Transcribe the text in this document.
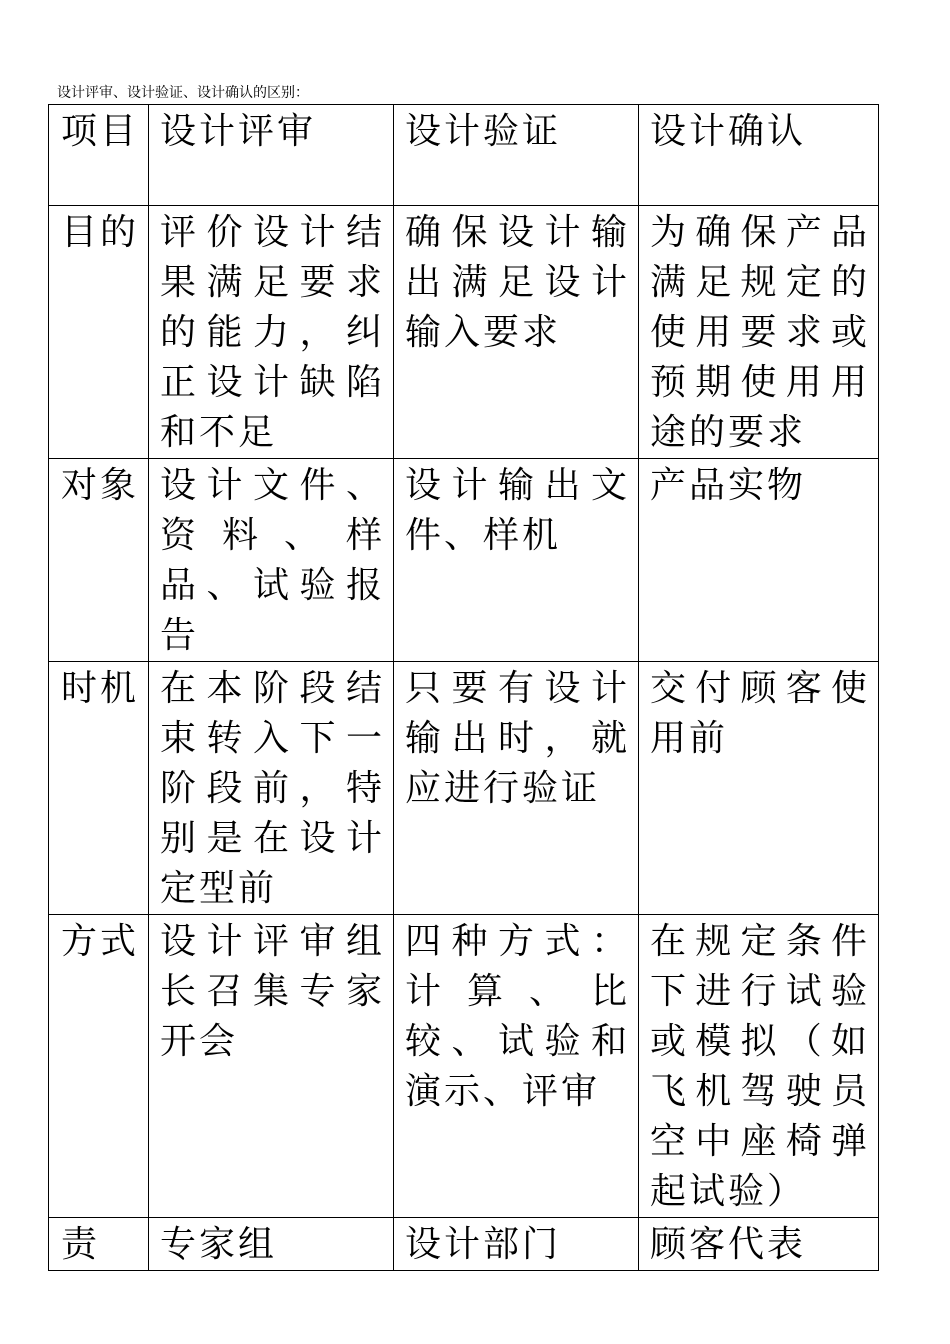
设计评审、设计验证、设计确认的区别：
项目	设计评审	设计验证	设计确认
目的	评价设计结果满足要求的能力，纠正设计缺陷和不足	确保设计输出满足设计输入要求	为确保产品满足规定的使用要求或预期使用用途的要求
对象	设计文件、资料、样品、试验报告	设计输出文件、样机	产品实物
时机	在本阶段结束转入下一阶段前，特别是在设计定型前	只要有设计输出时，就应进行验证	交付顾客使用前
方式	设计评审组长召集专家开会	四种方式：计算、比较、试验和演示、评审	在规定条件下进行试验或模拟（如飞机驾驶员空中座椅弹起试验）
责	专家组	设计部门	顾客代表
